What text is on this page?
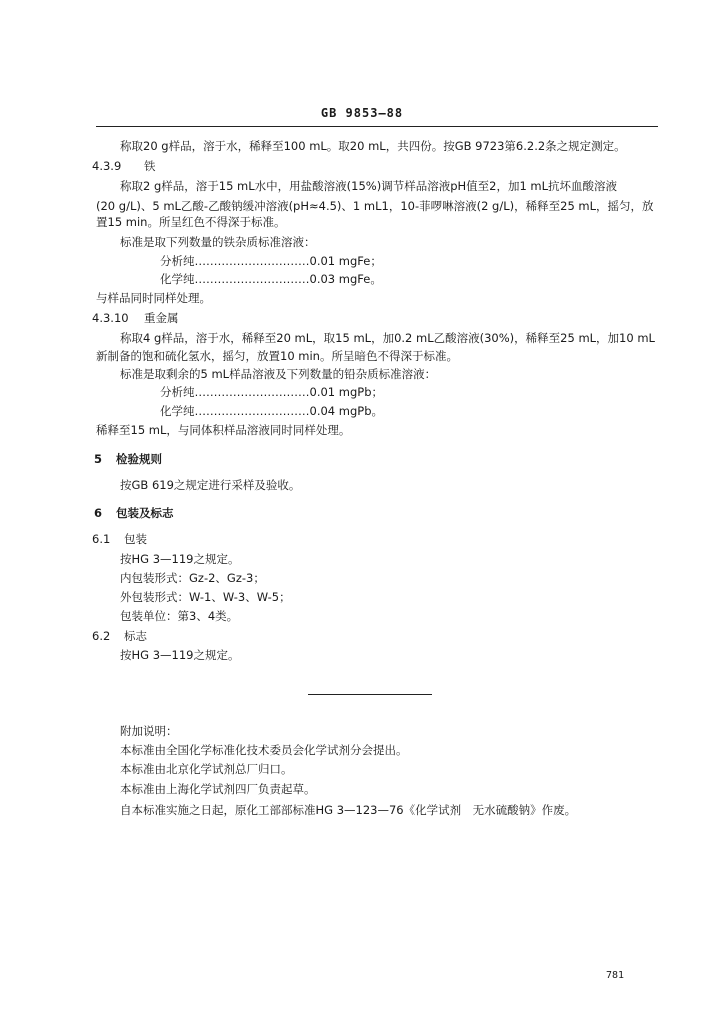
GB 9853—88
称取20 g样品，溶于水，稀释至100 mL。取20 mL，共四份。按GB 9723第6.2.2条之规定测定。
4.3.9 铁
称取2 g样品，溶于15 mL水中，用盐酸溶液(15%)调节样品溶液pH值至2，加1 mL抗坏血酸溶液
(20 g/L)、5 mL乙酸-乙酸钠缓冲溶液(pH≈4.5)、1 mL1，10-菲啰啉溶液(2 g/L)，稀释至25 mL，摇匀，放
置15 min。所呈红色不得深于标准。
标准是取下列数量的铁杂质标准溶液：
分析纯…………………………0.01 mgFe；
化学纯…………………………0.03 mgFe。
与样品同时同样处理。
4.3.10 重金属
称取4 g样品，溶于水，稀释至20 mL，取15 mL，加0.2 mL乙酸溶液(30%)，稀释至25 mL，加10 mL
新制备的饱和硫化氢水，摇匀，放置10 min。所呈暗色不得深于标准。
标准是取剩余的5 mL样品溶液及下列数量的铅杂质标准溶液：
分析纯…………………………0.01 mgPb；
化学纯…………………………0.04 mgPb。
稀释至15 mL，与同体积样品溶液同时同样处理。
5 检验规则
按GB 619之规定进行采样及验收。
6 包装及标志
6.1 包装
按HG 3—119之规定。
内包装形式：Gz-2、Gz-3；
外包装形式：W-1、W-3、W-5；
包装单位：第3、4类。
6.2 标志
按HG 3—119之规定。
附加说明：
本标准由全国化学标准化技术委员会化学试剂分会提出。
本标准由北京化学试剂总厂归口。
本标准由上海化学试剂四厂负责起草。
自本标准实施之日起，原化工部部标准HG 3—123—76《化学试剂　无水硫酸钠》作废。
781
